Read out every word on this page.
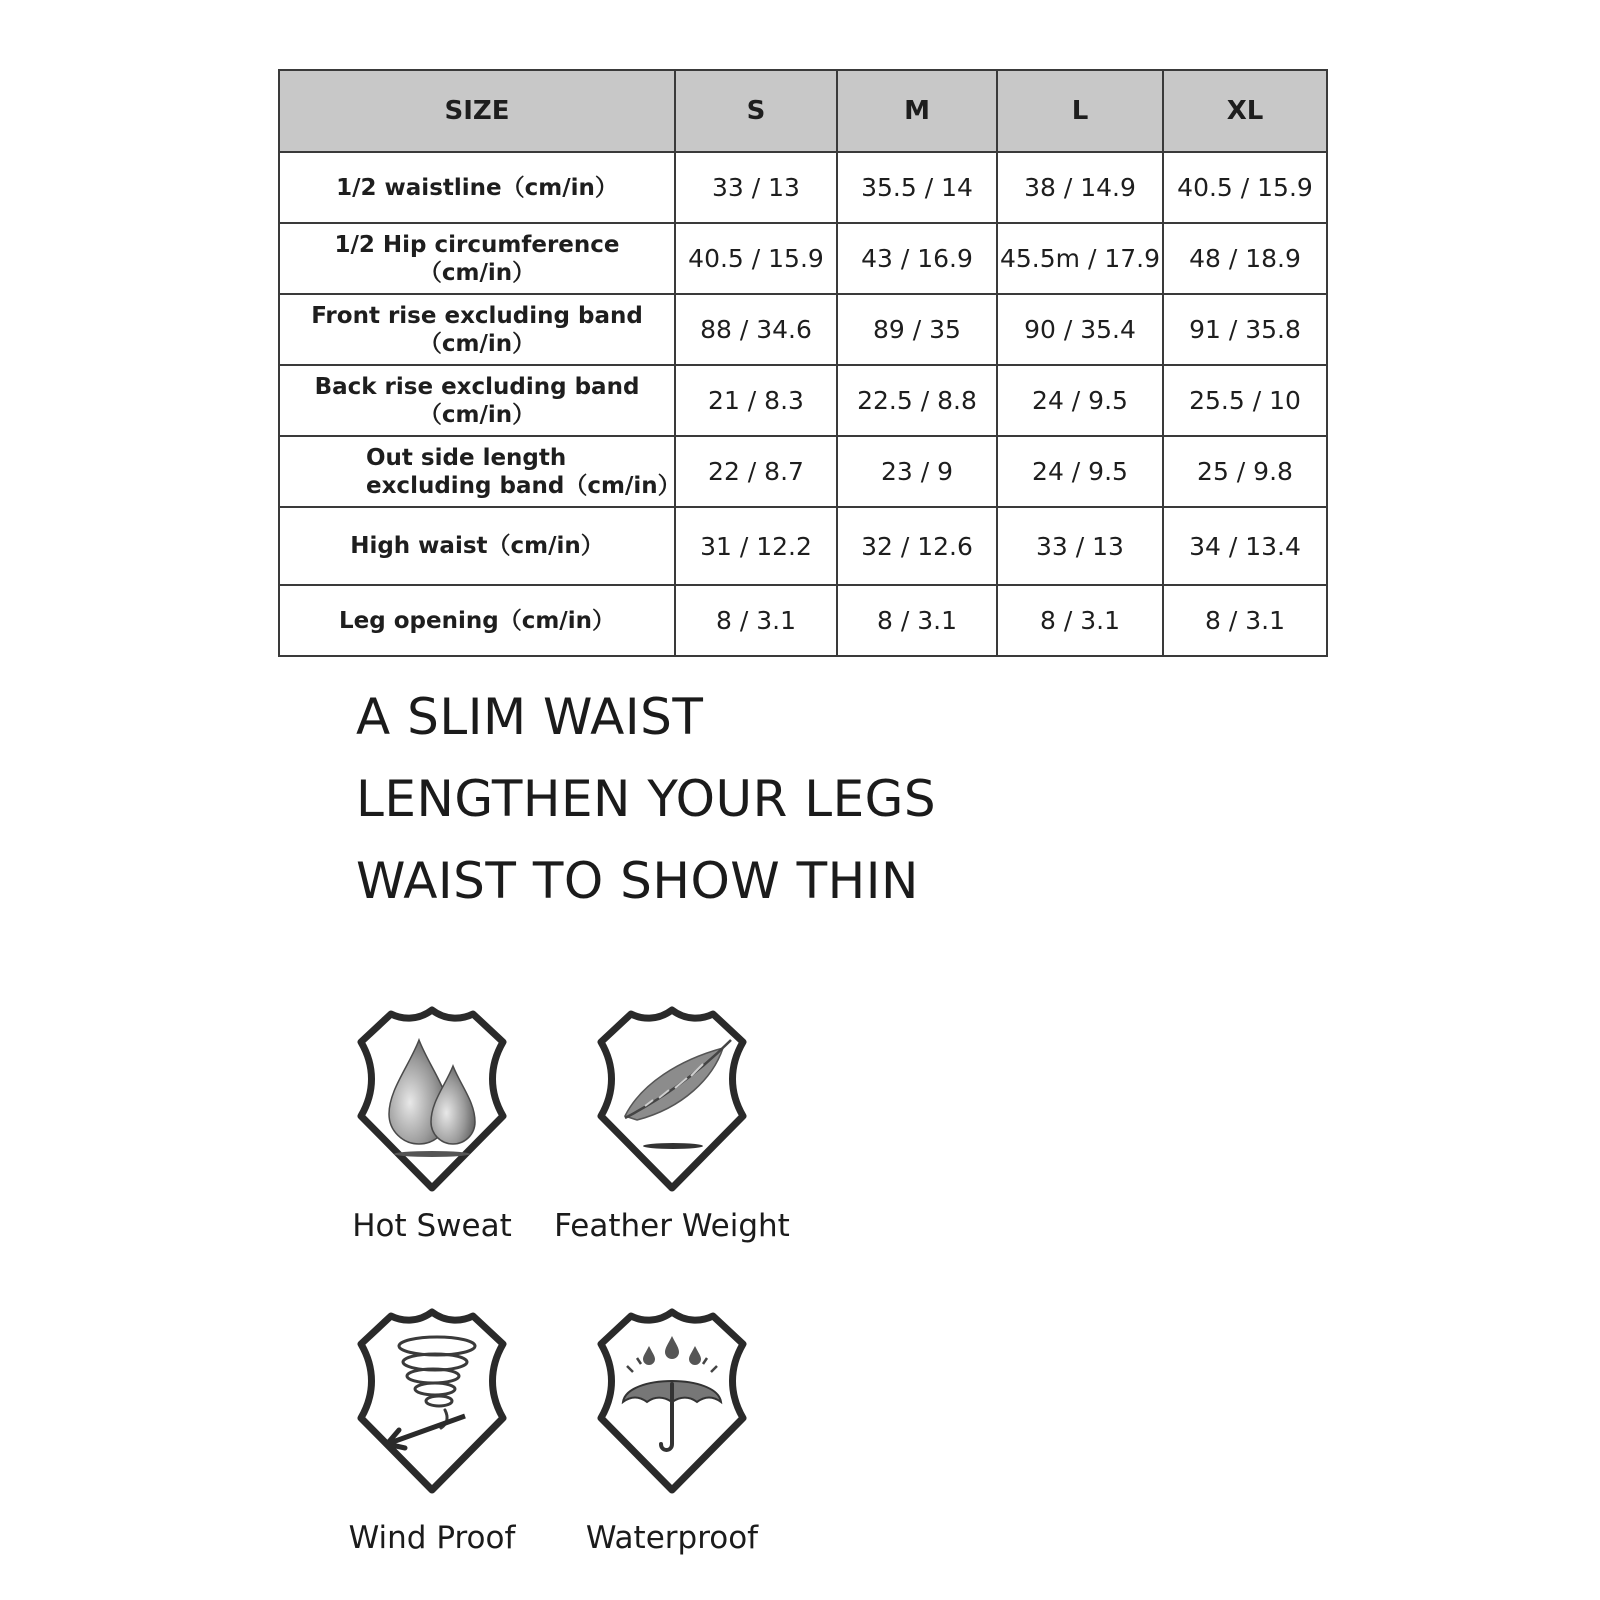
SIZE	S	M	L	XL
1/2 waistline（cm/in）	33 / 13	35.5 / 14	38 / 14.9	40.5 / 15.9
1/2 Hip circumference（cm/in）	40.5 / 15.9	43 / 16.9	45.5m / 17.9	48 / 18.9
Front rise excluding band（cm/in）	88 / 34.6	89 / 35	90 / 35.4	91 / 35.8
Back rise excluding band（cm/in）	21 / 8.3	22.5 / 8.8	24 / 9.5	25.5 / 10

Out side length
excluding band（cm/in）	22 / 8.7	23 / 9	24 / 9.5	25 / 9.8
High waist（cm/in）	31 / 12.2	32 / 12.6	33 / 13	34 / 13.4
Leg opening（cm/in）	8 / 3.1	8 / 3.1	8 / 3.1	8 / 3.1
A SLIM WAIST
LENGTHEN YOUR LEGS
WAIST TO SHOW THIN
Hot Sweat	Feather Weight
Wind Proof	Waterproof
